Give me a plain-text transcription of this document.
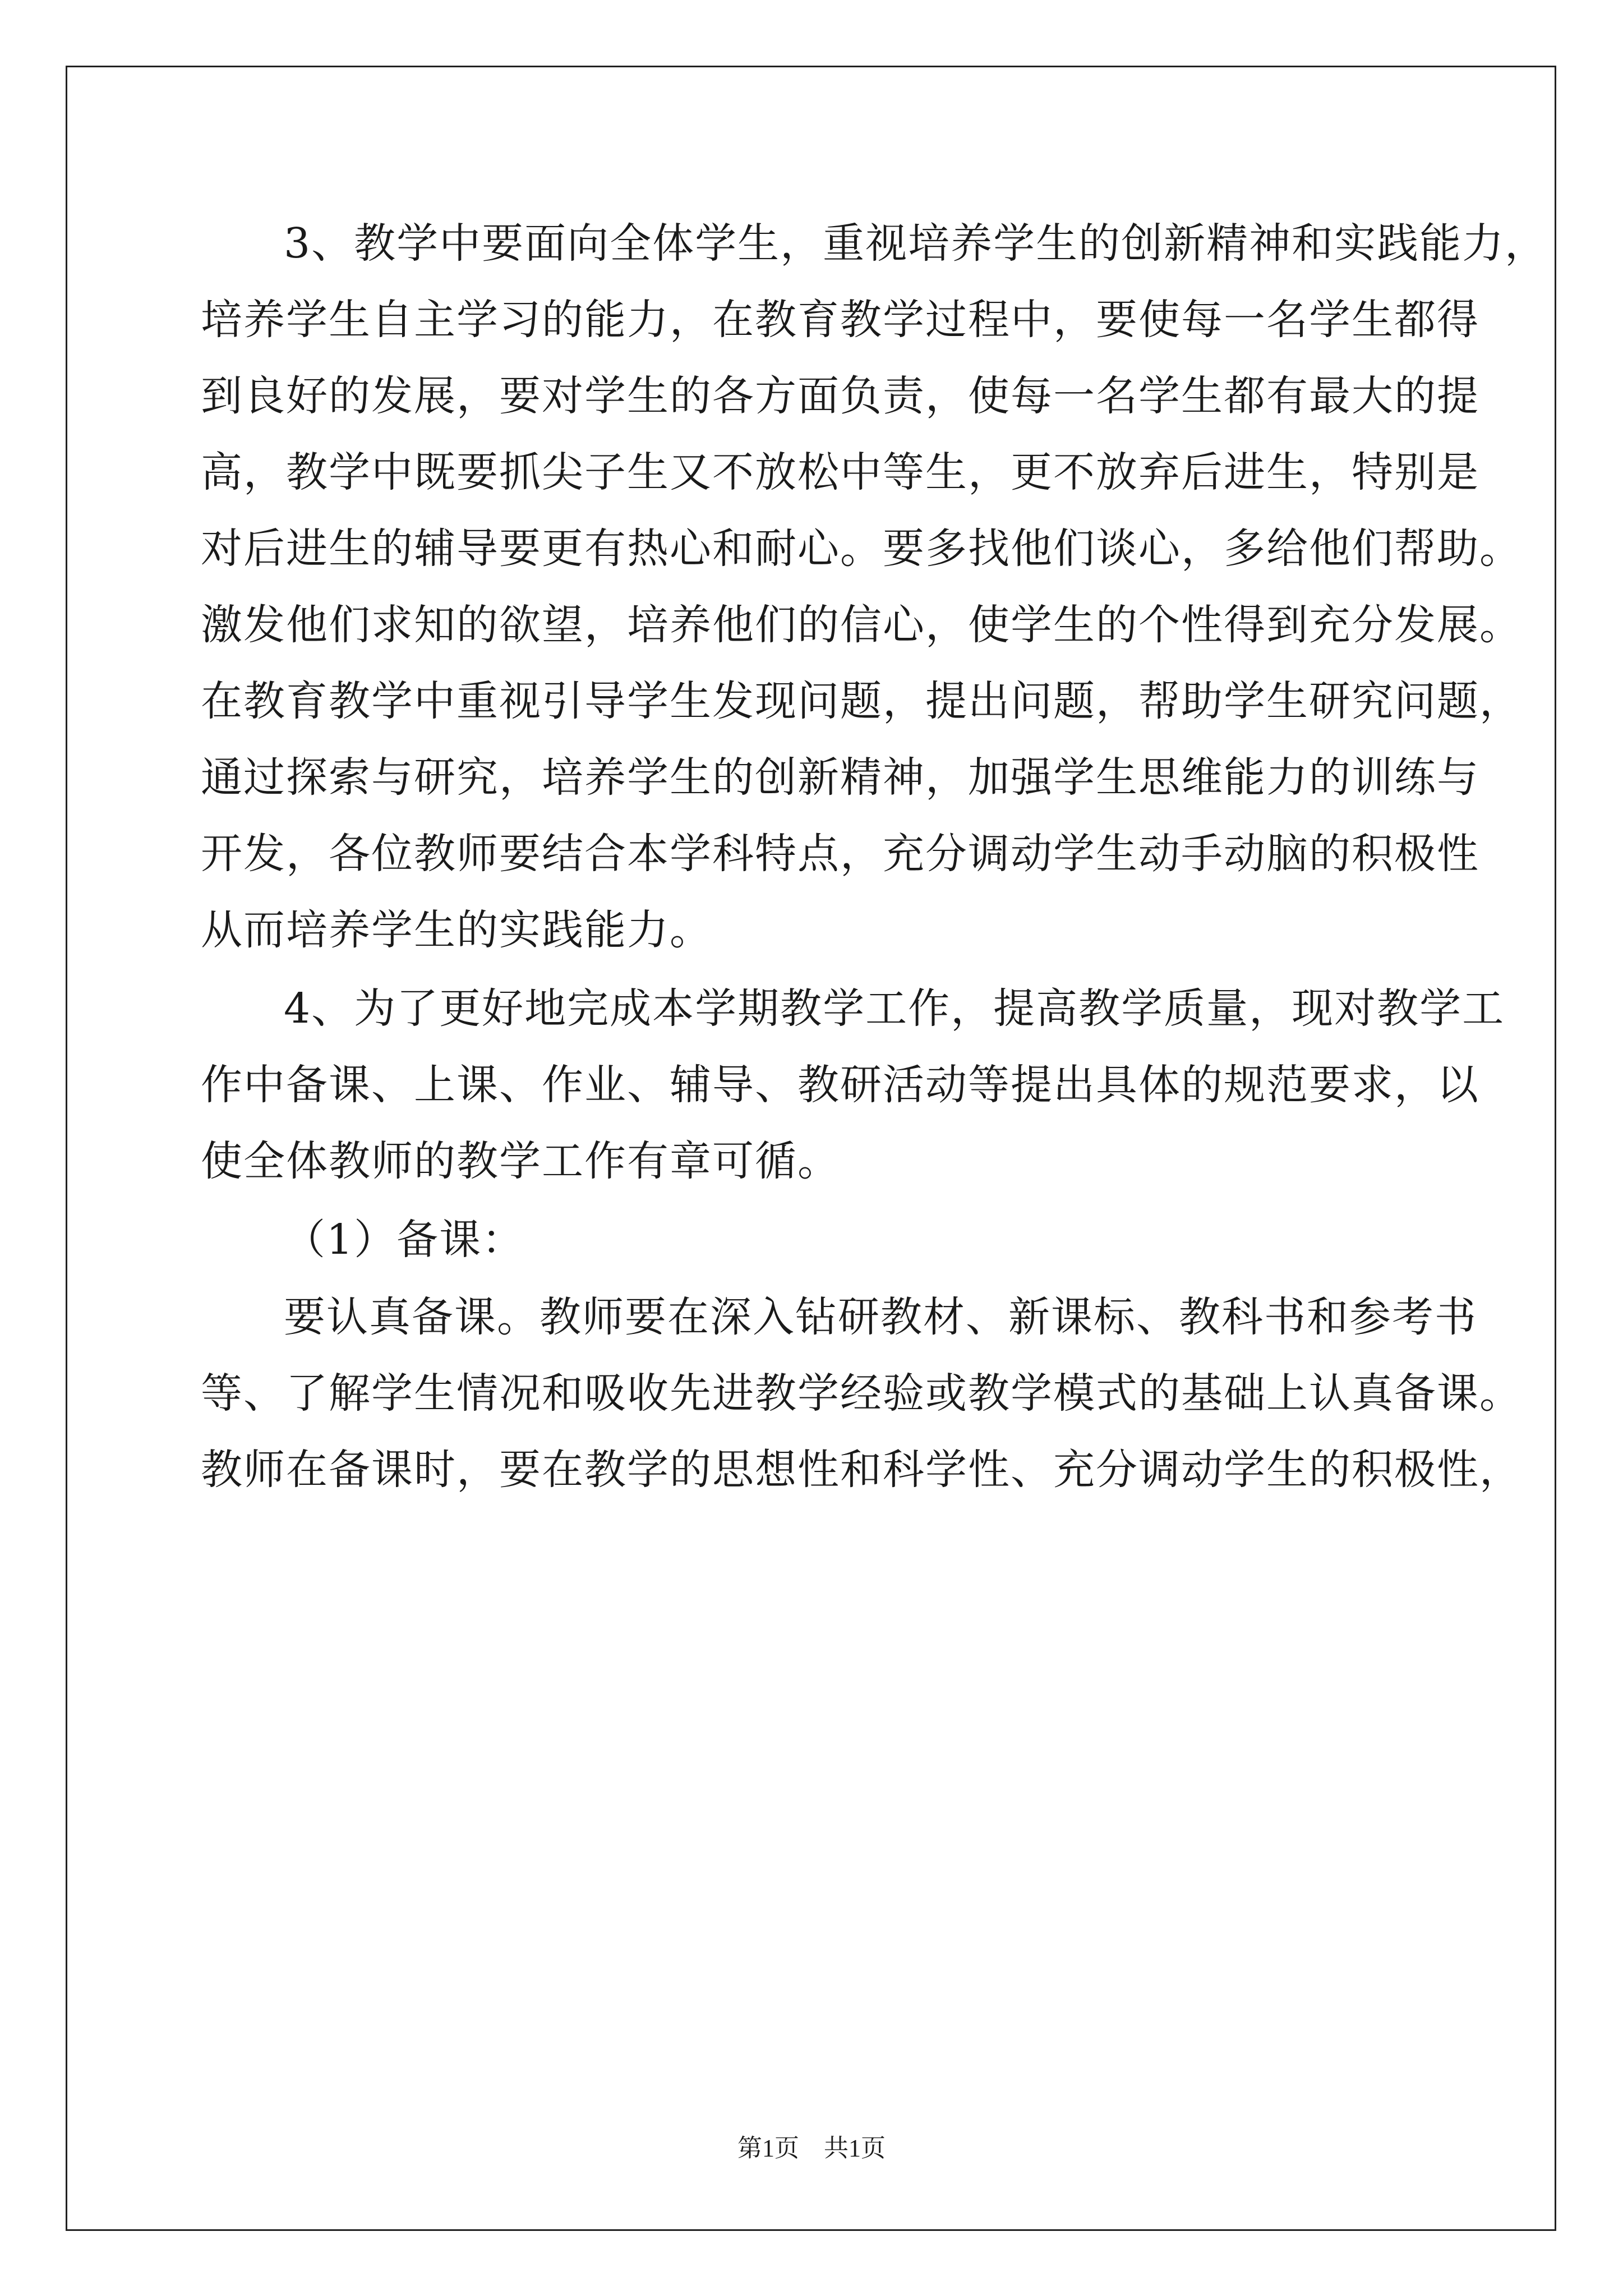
3、教学中要面向全体学生，重视培养学生的创新精神和实践能力，
培养学生自主学习的能力，在教育教学过程中，要使每一名学生都得
到良好的发展，要对学生的各方面负责，使每一名学生都有最大的提
高，教学中既要抓尖子生又不放松中等生，更不放弃后进生，特别是
对后进生的辅导要更有热心和耐心。要多找他们谈心，多给他们帮助。
激发他们求知的欲望，培养他们的信心，使学生的个性得到充分发展。
在教育教学中重视引导学生发现问题，提出问题，帮助学生研究问题，
通过探索与研究，培养学生的创新精神，加强学生思维能力的训练与
开发，各位教师要结合本学科特点，充分调动学生动手动脑的积极性
从而培养学生的实践能力。
4、为了更好地完成本学期教学工作，提高教学质量，现对教学工
作中备课、上课、作业、辅导、教研活动等提出具体的规范要求，以
使全体教师的教学工作有章可循。
（1）备课：
要认真备课。教师要在深入钻研教材、新课标、教科书和参考书
等、了解学生情况和吸收先进教学经验或教学模式的基础上认真备课。
教师在备课时，要在教学的思想性和科学性、充分调动学生的积极性，
第1页　共1页
